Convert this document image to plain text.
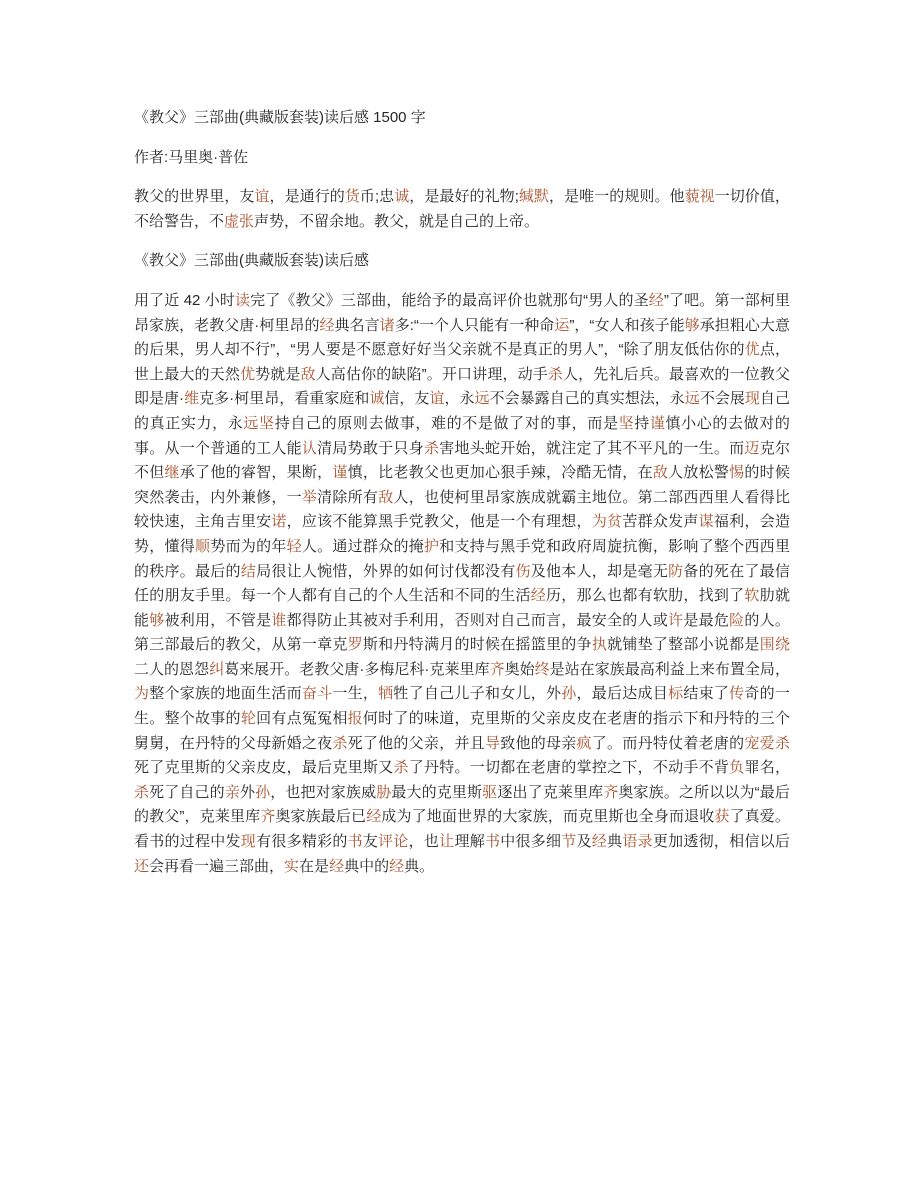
《教父》三部曲(典藏版套装)读后感 1500 字

作者:马里奥·普佐

教父的世界里，友谊，是通行的货币;忠诚，是最好的礼物;缄默，是唯一的规则。他藐视一切价值，不给警告，不虚张声势，不留余地。教父，就是自己的上帝。

《教父》三部曲(典藏版套装)读后感

用了近 42 小时读完了《教父》三部曲，能给予的最高评价也就那句“男人的圣经”了吧。第一部柯里昂家族，老教父唐·柯里昂的经典名言诸多:“一个人只能有一种命运”，“女人和孩子能够承担粗心大意的后果，男人却不行”，“男人要是不愿意好好当父亲就不是真正的男人”，“除了朋友低估你的优点，世上最大的天然优势就是敌人高估你的缺陷”。开口讲理，动手杀人，先礼后兵。最喜欢的一位教父即是唐·维克多·柯里昂，看重家庭和诚信，友谊，永远不会暴露自己的真实想法，永远不会展现自己的真正实力，永远坚持自己的原则去做事，难的不是做了对的事，而是坚持谨慎小心的去做对的事。从一个普通的工人能认清局势敢于只身杀害地头蛇开始，就注定了其不平凡的一生。而迈克尔不但继承了他的睿智，果断，谨慎，比老教父也更加心狠手辣，冷酷无情，在敌人放松警惕的时候突然袭击，内外兼修，一举清除所有敌人，也使柯里昂家族成就霸主地位。第二部西西里人看得比较快速，主角吉里安诺，应该不能算黑手党教父，他是一个有理想，为贫苦群众发声谋福利，会造势，懂得顺势而为的年轻人。通过群众的掩护和支持与黑手党和政府周旋抗衡，影响了整个西西里的秩序。最后的结局很让人惋惜，外界的如何讨伐都没有伤及他本人，却是毫无防备的死在了最信任的朋友手里。每一个人都有自己的个人生活和不同的生活经历，那么也都有软肋，找到了软肋就能够被利用，不管是谁都得防止其被对手利用，否则对自己而言，最安全的人或许是最危险的人。第三部最后的教父，从第一章克罗斯和丹特满月的时候在摇篮里的争执就铺垫了整部小说都是围绕二人的恩怨纠葛来展开。老教父唐·多梅尼科·克莱里库齐奥始终是站在家族最高利益上来布置全局，为整个家族的地面生活而奋斗一生，牺牲了自己儿子和女儿，外孙，最后达成目标结束了传奇的一生。整个故事的轮回有点冤冤相报何时了的味道，克里斯的父亲皮皮在老唐的指示下和丹特的三个舅舅，在丹特的父母新婚之夜杀死了他的父亲，并且导致他的母亲疯了。而丹特仗着老唐的宠爱杀死了克里斯的父亲皮皮，最后克里斯又杀了丹特。一切都在老唐的掌控之下，不动手不背负罪名，杀死了自己的亲外孙，也把对家族威胁最大的克里斯驱逐出了克莱里库齐奥家族。之所以以为“最后的教父”，克莱里库齐奥家族最后已经成为了地面世界的大家族，而克里斯也全身而退收获了真爱。看书的过程中发现有很多精彩的书友评论，也让理解书中很多细节及经典语录更加透彻，相信以后还会再看一遍三部曲，实在是经典中的经典。
